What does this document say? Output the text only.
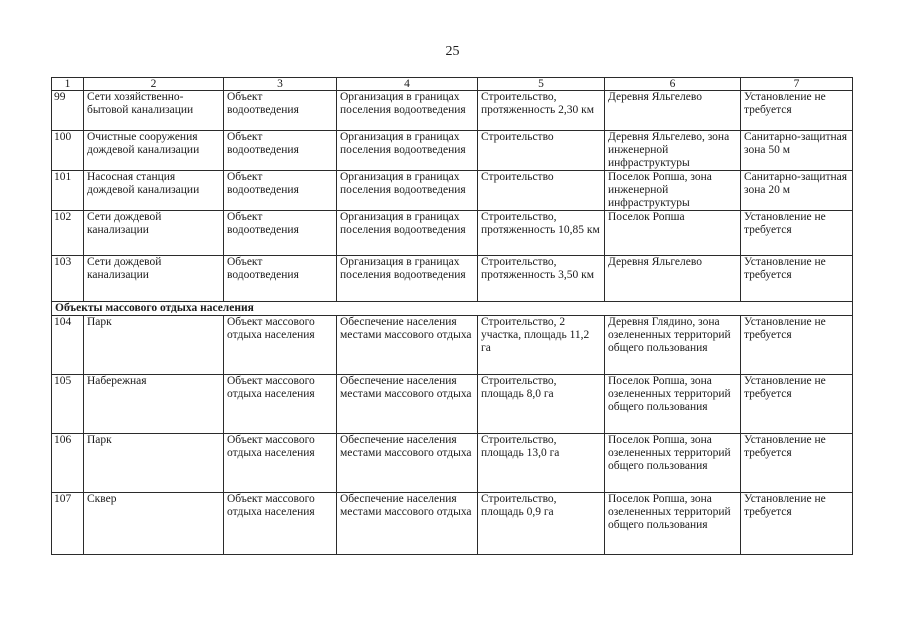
25
1	2	3	4	5	6	7
99	Сети хозяйственно-бытовой канализации	Объект водоотведения	Организация в границах поселения водоотведения	Строительство, протяженность 2,30 км	Деревня Яльгелево	Установление не требуется
100	Очистные сооружения дождевой канализации	Объект водоотведения	Организация в границах поселения водоотведения	Строительство	Деревня Яльгелево, зона инженерной инфраструктуры	Санитарно-защитная зона 50 м
101	Насосная станция дождевой канализации	Объект водоотведения	Организация в границах поселения водоотведения	Строительство	Поселок Ропша, зона инженерной инфраструктуры	Санитарно-защитная зона 20 м
102	Сети дождевой канализации	Объект водоотведения	Организация в границах поселения водоотведения	Строительство, протяженность 10,85 км	Поселок Ропша	Установление не требуется
103	Сети дождевой канализации	Объект водоотведения	Организация в границах поселения водоотведения	Строительство, протяженность 3,50 км	Деревня Яльгелево	Установление не требуется
Объекты массового отдыха населения						
104	Парк	Объект массового отдыха населения	Обеспечение населения местами массового отдыха	Строительство, 2 участка, площадь 11,2 га	Деревня Глядино, зона озелененных территорий общего пользования	Установление не требуется
105	Набережная	Объект массового отдыха населения	Обеспечение населения местами массового отдыха	Строительство, площадь 8,0 га	Поселок Ропша, зона озелененных территорий общего пользования	Установление не требуется
106	Парк	Объект массового отдыха населения	Обеспечение населения местами массового отдыха	Строительство, площадь 13,0 га	Поселок Ропша, зона озелененных территорий общего пользования	Установление не требуется
107	Сквер	Объект массового отдыха населения	Обеспечение населения местами массового отдыха	Строительство, площадь 0,9 га	Поселок Ропша, зона озелененных территорий общего пользования	Установление не требуется
